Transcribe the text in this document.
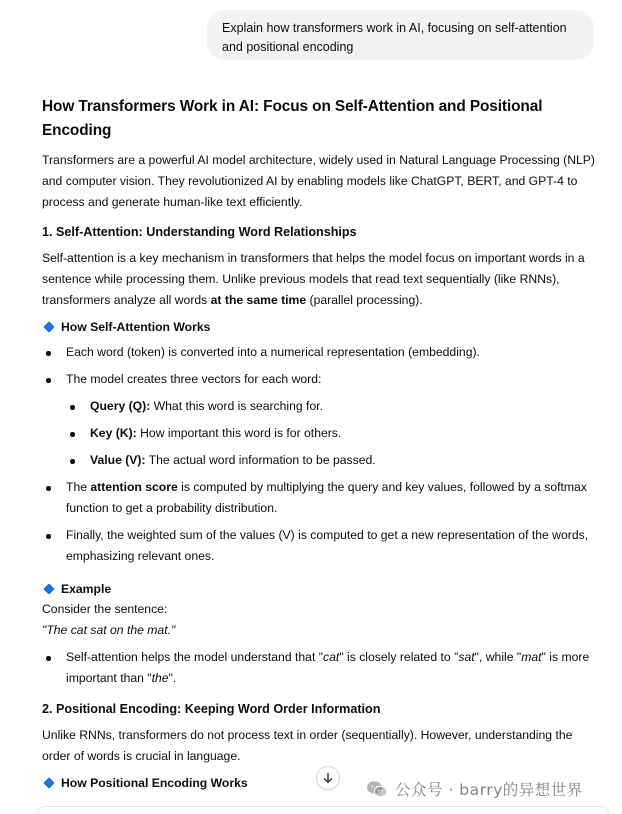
Explain how transformers work in AI, focusing on self-attention and positional encoding
How Transformers Work in AI: Focus on Self-Attention and Positional Encoding

Transformers are a powerful AI model architecture, widely used in Natural Language Processing (NLP) and computer vision. They revolutionized AI by enabling models like ChatGPT, BERT, and GPT-4 to process and generate human-like text efficiently.

1. Self-Attention: Understanding Word Relationships

Self-attention is a key mechanism in transformers that helps the model focus on important words in a sentence while processing them. Unlike previous models that read text sequentially (like RNNs), transformers analyze all words at the same time (parallel processing).

How Self-Attention Works
Each word (token) is converted into a numerical representation (embedding).
The model creates three vectors for each word:
Query (Q): What this word is searching for.
Key (K): How important this word is for others.
Value (V): The actual word information to be passed.
The attention score is computed by multiplying the query and key values, followed by a softmax function to get a probability distribution.
Finally, the weighted sum of the values (V) is computed to get a new representation of the words, emphasizing relevant ones.
Example
Consider the sentence:
"The cat sat on the mat."
Self-attention helps the model understand that "cat" is closely related to "sat", while "mat" is more important than "the".
2. Positional Encoding: Keeping Word Order Information

Unlike RNNs, transformers do not process text in order (sequentially). However, understanding the order of words is crucial in language.

How Positional Encoding Works	公众号 · barry的异想世界
